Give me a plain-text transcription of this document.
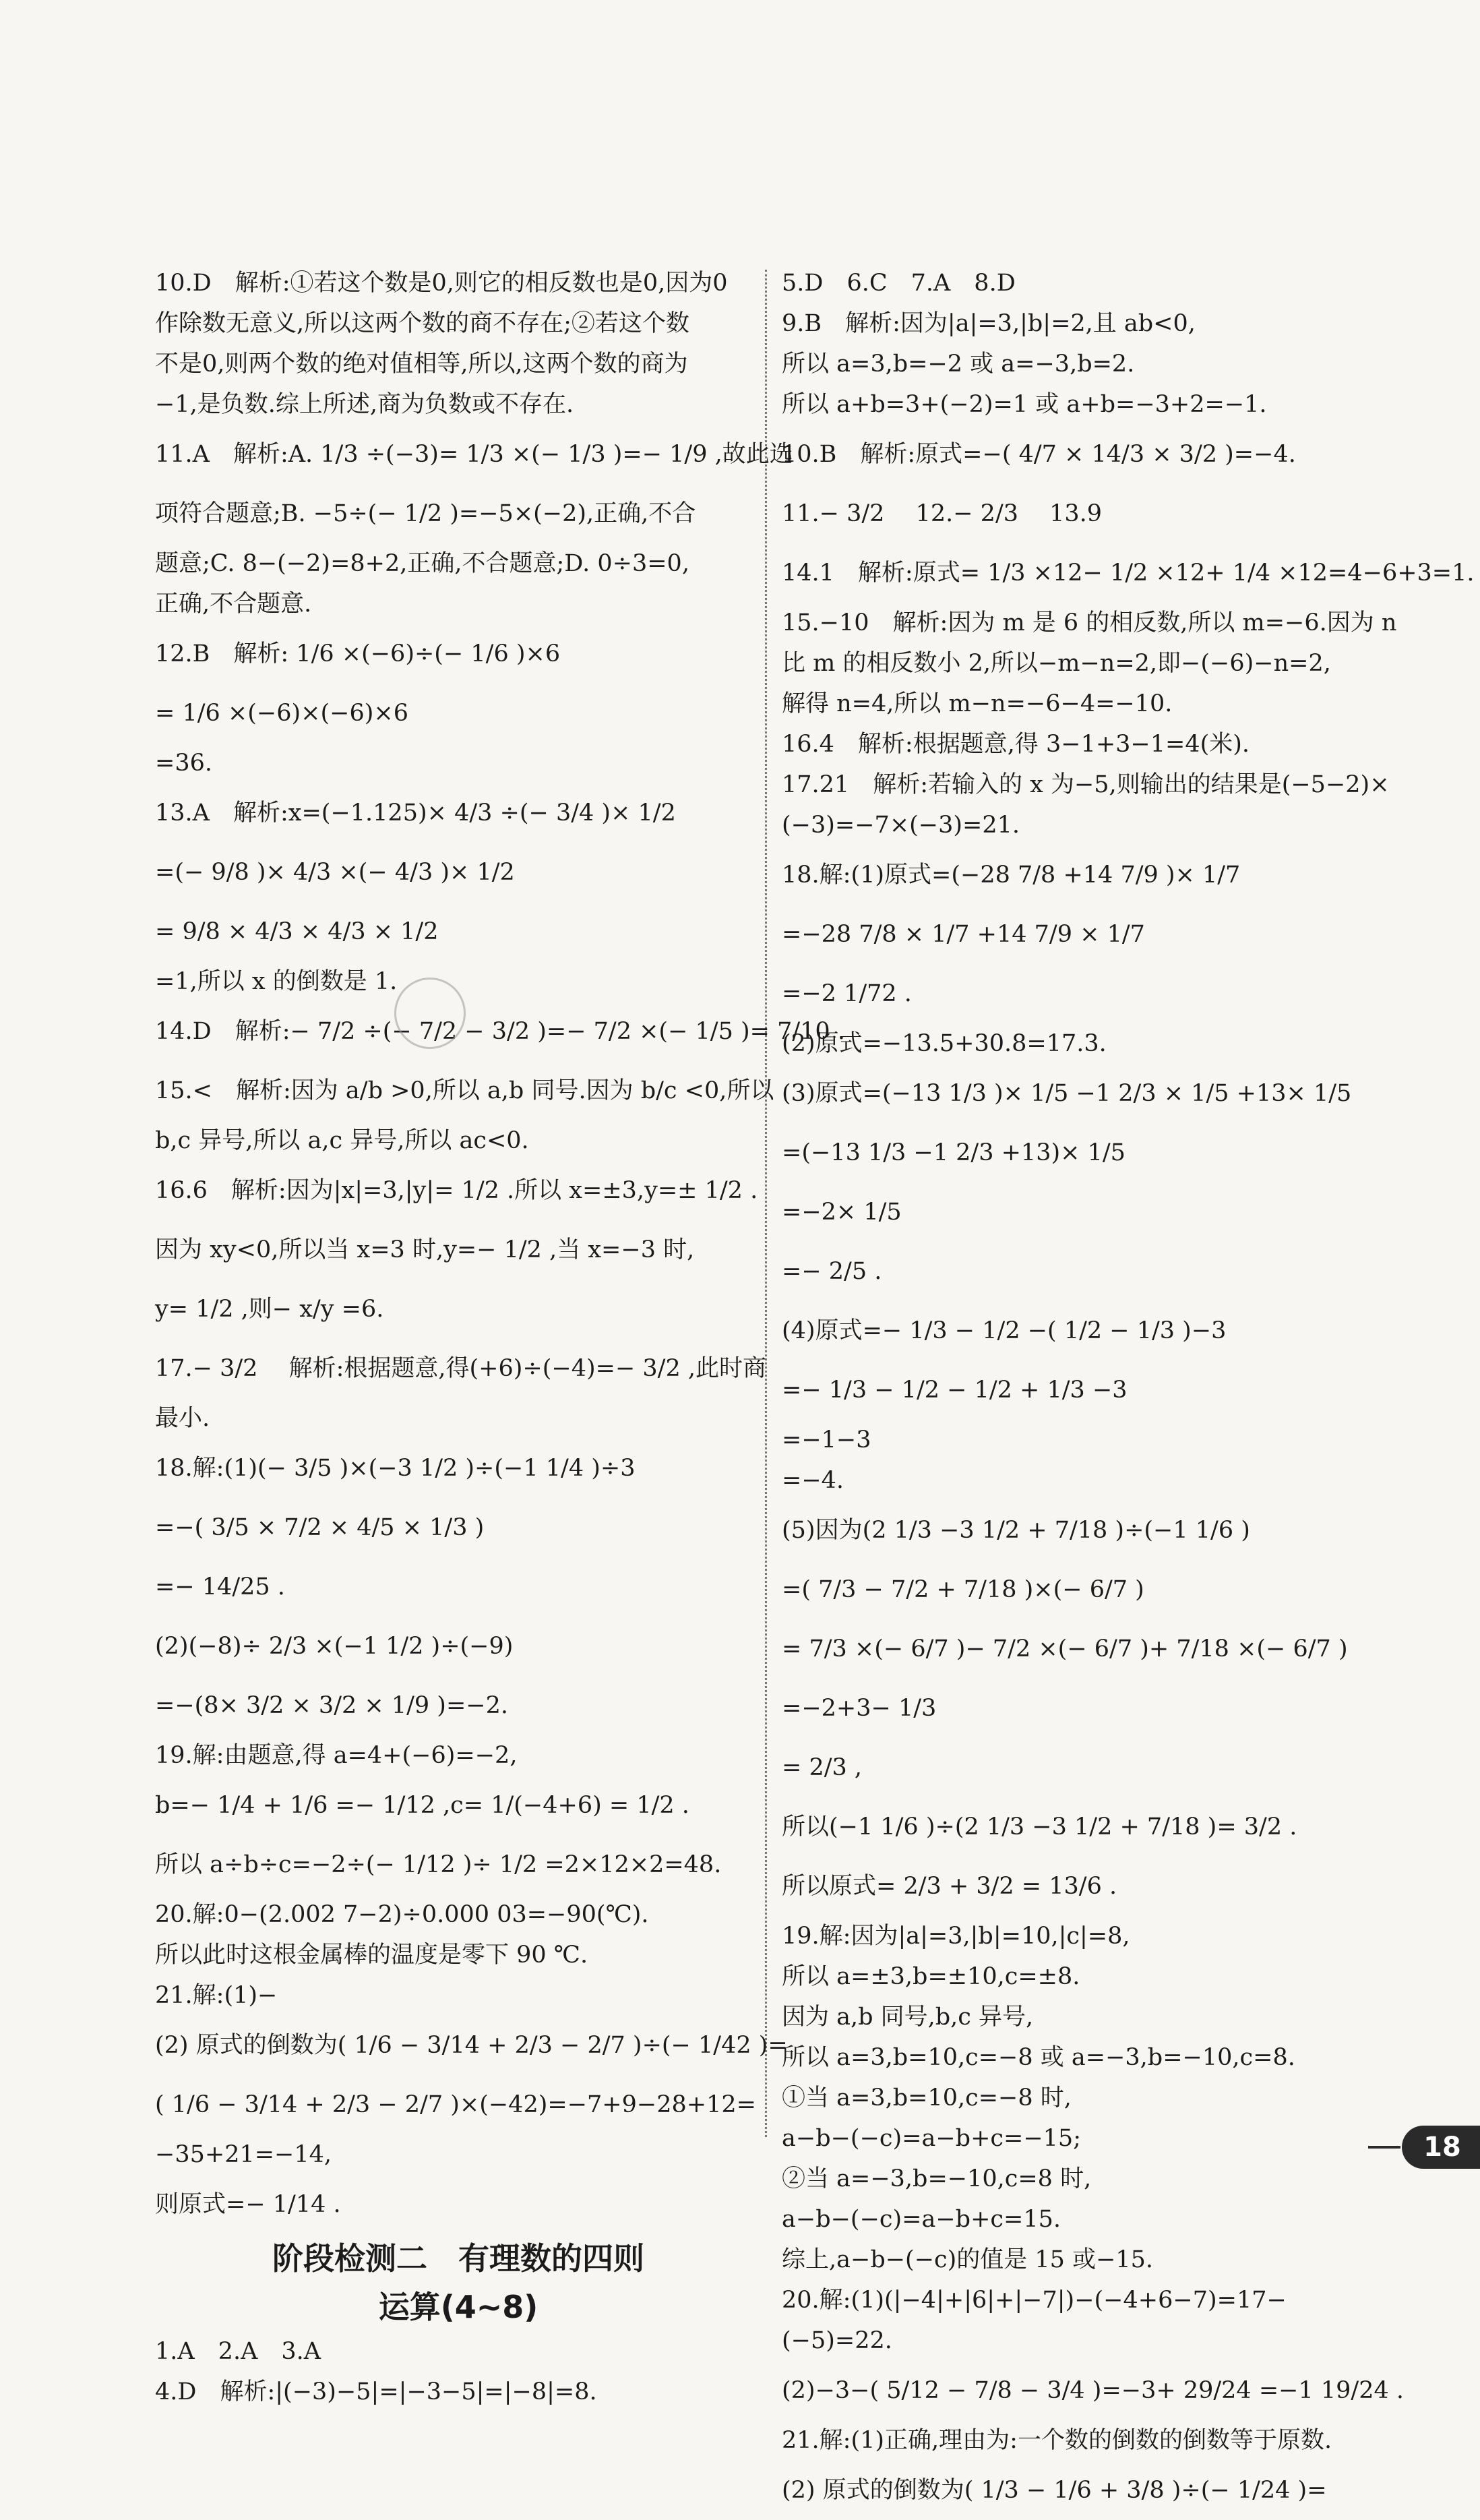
10.D　解析:①若这个数是0,则它的相反数也是0,因为0
作除数无意义,所以这两个数的商不存在;②若这个数
不是0,则两个数的绝对值相等,所以,这两个数的商为
−1,是负数.综上所述,商为负数或不存在.
11.A　解析:A. 1/3 ÷(−3)= 1/3 ×(− 1/3 )=− 1/9 ,故此选
项符合题意;B. −5÷(− 1/2 )=−5×(−2),正确,不合
题意;C. 8−(−2)=8+2,正确,不合题意;D. 0÷3=0,
正确,不合题意.
12.B　解析: 1/6 ×(−6)÷(− 1/6 )×6
= 1/6 ×(−6)×(−6)×6
=36.
13.A　解析:x=(−1.125)× 4/3 ÷(− 3/4 )× 1/2
=(− 9/8 )× 4/3 ×(− 4/3 )× 1/2
= 9/8 × 4/3 × 4/3 × 1/2
=1,所以 x 的倒数是 1.
14.D　解析:− 7/2 ÷(− 7/2 − 3/2 )=− 7/2 ×(− 1/5 )= 7/10 .
15.<　解析:因为 a/b >0,所以 a,b 同号.因为 b/c <0,所以
b,c 异号,所以 a,c 异号,所以 ac<0.
16.6　解析:因为|x|=3,|y|= 1/2 .所以 x=±3,y=± 1/2 .
因为 xy<0,所以当 x=3 时,y=− 1/2 ,当 x=−3 时,
y= 1/2 ,则− x/y =6.
17.− 3/2 　解析:根据题意,得(+6)÷(−4)=− 3/2 ,此时商
最小.
18.解:(1)(− 3/5 )×(−3 1/2 )÷(−1 1/4 )÷3
=−( 3/5 × 7/2 × 4/5 × 1/3 )
=− 14/25 .
(2)(−8)÷ 2/3 ×(−1 1/2 )÷(−9)
=−(8× 3/2 × 3/2 × 1/9 )=−2.
19.解:由题意,得 a=4+(−6)=−2,
b=− 1/4 + 1/6 =− 1/12 ,c= 1/(−4+6) = 1/2 .
所以 a÷b÷c=−2÷(− 1/12 )÷ 1/2 =2×12×2=48.
20.解:0−(2.002 7−2)÷0.000 03=−90(℃).
所以此时这根金属棒的温度是零下 90 ℃.
21.解:(1)−
(2) 原式的倒数为( 1/6 − 3/14 + 2/3 − 2/7 )÷(− 1/42 )=
( 1/6 − 3/14 + 2/3 − 2/7 )×(−42)=−7+9−28+12=
−35+21=−14,
则原式=− 1/14 .
阶段检测二　有理数的四则
运算(4~8)
1.A　2.A　3.A
4.D　解析:|(−3)−5|=|−3−5|=|−8|=8.
5.D　6.C　7.A　8.D
9.B　解析:因为|a|=3,|b|=2,且 ab<0,
所以 a=3,b=−2 或 a=−3,b=2.
所以 a+b=3+(−2)=1 或 a+b=−3+2=−1.
10.B　解析:原式=−( 4/7 × 14/3 × 3/2 )=−4.
11.− 3/2 　12.− 2/3 　13.9
14.1　解析:原式= 1/3 ×12− 1/2 ×12+ 1/4 ×12=4−6+3=1.
15.−10　解析:因为 m 是 6 的相反数,所以 m=−6.因为 n
比 m 的相反数小 2,所以−m−n=2,即−(−6)−n=2,
解得 n=4,所以 m−n=−6−4=−10.
16.4　解析:根据题意,得 3−1+3−1=4(米).
17.21　解析:若输入的 x 为−5,则输出的结果是(−5−2)×
(−3)=−7×(−3)=21.
18.解:(1)原式=(−28 7/8 +14 7/9 )× 1/7
=−28 7/8 × 1/7 +14 7/9 × 1/7
=−2 1/72 .
(2)原式=−13.5+30.8=17.3.
(3)原式=(−13 1/3 )× 1/5 −1 2/3 × 1/5 +13× 1/5
=(−13 1/3 −1 2/3 +13)× 1/5
=−2× 1/5
=− 2/5 .
(4)原式=− 1/3 − 1/2 −( 1/2 − 1/3 )−3
=− 1/3 − 1/2 − 1/2 + 1/3 −3
=−1−3
=−4.
(5)因为(2 1/3 −3 1/2 + 7/18 )÷(−1 1/6 )
=( 7/3 − 7/2 + 7/18 )×(− 6/7 )
= 7/3 ×(− 6/7 )− 7/2 ×(− 6/7 )+ 7/18 ×(− 6/7 )
=−2+3− 1/3
= 2/3 ,
所以(−1 1/6 )÷(2 1/3 −3 1/2 + 7/18 )= 3/2 .
所以原式= 2/3 + 3/2 = 13/6 .
19.解:因为|a|=3,|b|=10,|c|=8,
所以 a=±3,b=±10,c=±8.
因为 a,b 同号,b,c 异号,
所以 a=3,b=10,c=−8 或 a=−3,b=−10,c=8.
①当 a=3,b=10,c=−8 时,
a−b−(−c)=a−b+c=−15;
②当 a=−3,b=−10,c=8 时,
a−b−(−c)=a−b+c=15.
综上,a−b−(−c)的值是 15 或−15.
20.解:(1)(|−4|+|6|+|−7|)−(−4+6−7)=17−
(−5)=22.
(2)−3−( 5/12 − 7/8 − 3/4 )=−3+ 29/24 =−1 19/24 .
21.解:(1)正确,理由为:一个数的倒数的倒数等于原数.
(2) 原式的倒数为( 1/3 − 1/6 + 3/8 )÷(− 1/24 )=
18
